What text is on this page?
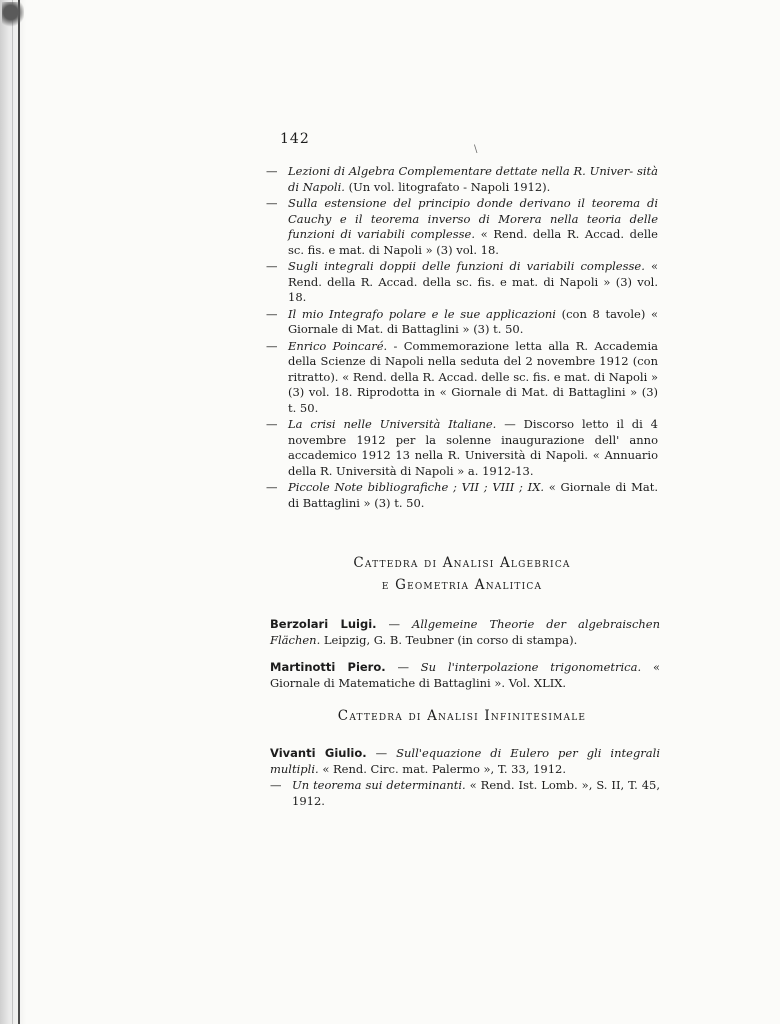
\
142
— Lezioni di Algebra Complementare dettate nella R. Univer- sità di Napoli. (Un vol. litografato - Napoli 1912).
— Sulla estensione del principio donde derivano il teorema di Cauchy e il teorema inverso di Morera nella teoria delle funzioni di variabili complesse. « Rend. della R. Accad. delle sc. fis. e mat. di Napoli » (3) vol. 18.
— Sugli integrali doppii delle funzioni di variabili complesse. « Rend. della R. Accad. della sc. fis. e mat. di Napoli » (3) vol. 18.
— Il mio Integrafo polare e le sue applicazioni (con 8 tavole) « Giornale di Mat. di Battaglini » (3) t. 50.
— Enrico Poincaré. - Commemorazione letta alla R. Accademia della Scienze di Napoli nella seduta del 2 novembre 1912 (con ritratto). « Rend. della R. Accad. delle sc. fis. e mat. di Napoli » (3) vol. 18. Riprodotta in « Giornale di Mat. di Battaglini » (3) t. 50.
— La crisi nelle Università Italiane. — Discorso letto il di 4 novembre 1912 per la solenne inaugurazione dell' anno accademico 1912 13 nella R. Università di Napoli. « Annuario della R. Università di Napoli » a. 1912-13.
— Piccole Note bibliografiche ; VII ; VIII ; IX. « Giornale di Mat. di Battaglini » (3) t. 50.
Cattedra di Analisi Algebrica
e Geometria Analitica
Berzolari Luigi. — Allgemeine Theorie der algebraischen Flächen. Leipzig, G. B. Teubner (in corso di stampa).
Martinotti Piero. — Su l'interpolazione trigonometrica. « Giornale di Matematiche di Battaglini ». Vol. XLIX.
Cattedra di Analisi Infinitesimale
Vivanti Giulio. — Sull'equazione di Eulero per gli integrali multipli. « Rend. Circ. mat. Palermo », T. 33, 1912.
— Un teorema sui determinanti. « Rend. Ist. Lomb. », S. II, T. 45, 1912.
